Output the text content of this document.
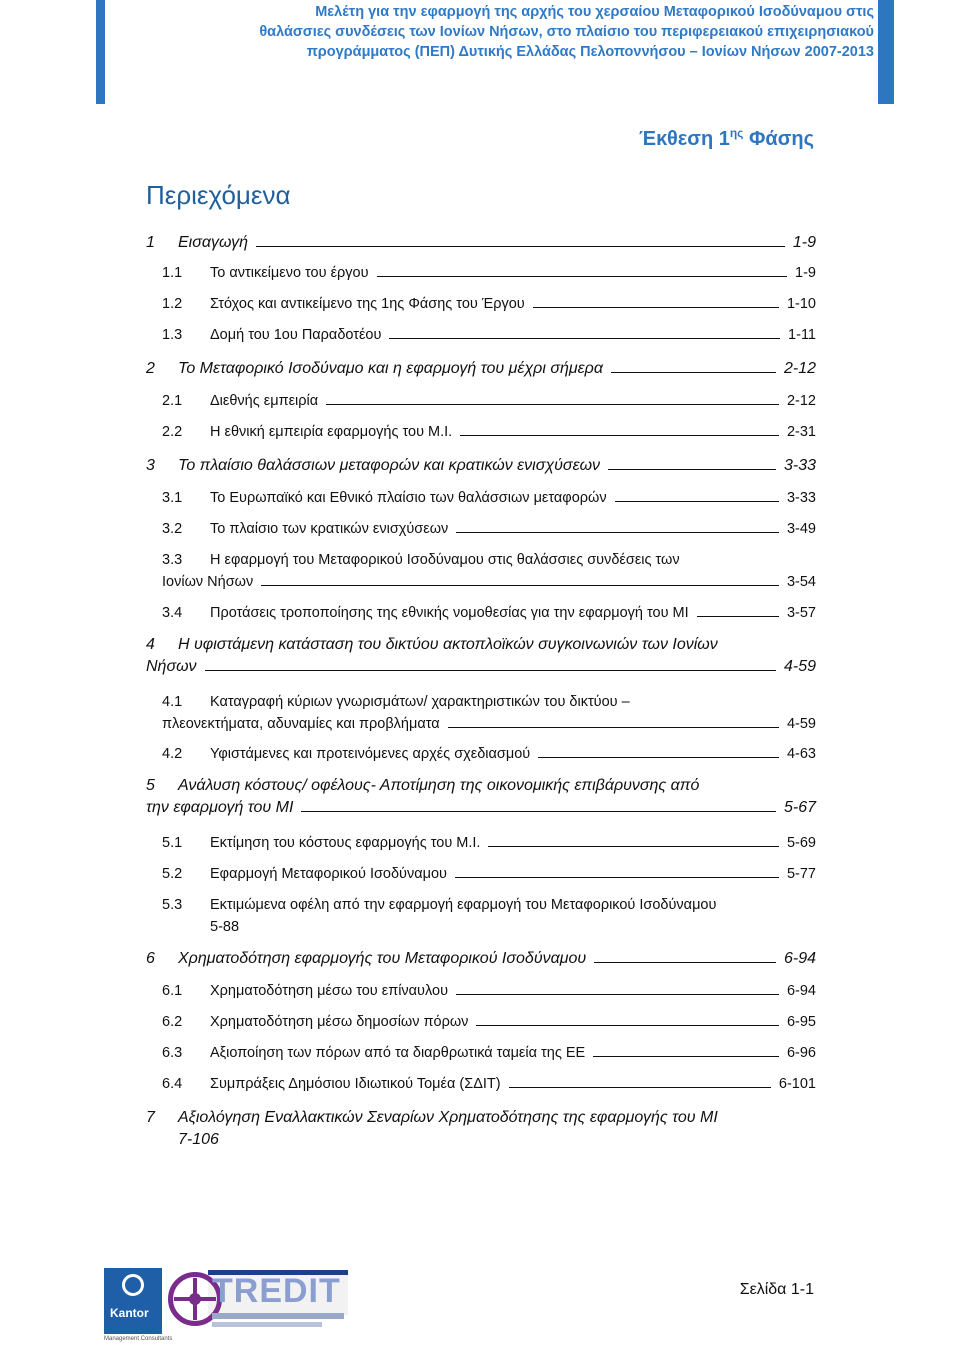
Μελέτη για την εφαρμογή της αρχής του χερσαίου Μεταφορικού Ισοδύναμου στις
θαλάσσιες συνδέσεις των Ιονίων Νήσων, στο πλαίσιο του περιφερειακού επιχειρησιακού
προγράμματος (ΠΕΠ) Δυτικής Ελλάδας Πελοποννήσου – Ιονίων Νήσων 2007-2013
Έκθεση $1^{\eta\varsigma}$ Φάσης
Περιεχόμενα
1	Εισαγωγή	1-9
1.1	Το αντικείμενο του έργου	1-9
1.2	Στόχος και αντικείμενο της 1ης Φάσης του Έργου	1-10
1.3	Δομή του 1ου Παραδοτέου	1-11
2	Το Μεταφορικό Ισοδύναμο και η εφαρμογή του μέχρι σήμερα	2-12
2.1	Διεθνής εμπειρία	2-12
2.2	Η εθνική εμπειρία εφαρμογής του Μ.Ι.	2-31
3	Το πλαίσιο θαλάσσιων μεταφορών και κρατικών ενισχύσεων	3-33
3.1	Το Ευρωπαϊκό και Εθνικό πλαίσιο των θαλάσσιων μεταφορών	3-33
3.2	Το πλαίσιο των κρατικών ενισχύσεων	3-49
3.3 Η εφαρμογή του Μεταφορικού Ισοδύναμου στις θαλάσσιες συνδέσεις των
Ιονίων Νήσων	3-54
3.4	Προτάσεις τροποποίησης της εθνικής νομοθεσίας για την εφαρμογή του ΜΙ	3-57
4 Η υφιστάμενη κατάσταση του δικτύου ακτοπλοϊκών συγκοινωνιών των Ιονίων
Νήσων	4-59
4.1 Καταγραφή κύριων γνωρισμάτων/ χαρακτηριστικών του δικτύου –
πλεονεκτήματα, αδυναμίες και προβλήματα	4-59
4.2	Υφιστάμενες και προτεινόμενες αρχές σχεδιασμού	4-63
5 Ανάλυση κόστους/ οφέλους- Αποτίμηση της οικονομικής επιβάρυνσης από
την εφαρμογή του ΜΙ	5-67
5.1	Εκτίμηση του κόστους εφαρμογής του Μ.Ι.	5-69
5.2	Εφαρμογή Μεταφορικού Ισοδύναμου	5-77
5.3 Εκτιμώμενα οφέλη από την εφαρμογή εφαρμογή του Μεταφορικού Ισοδύναμου
5-88
6	Χρηματοδότηση εφαρμογής του Μεταφορικού Ισοδύναμου	6-94
6.1	Χρηματοδότηση μέσω του επίναυλου	6-94
6.2	Χρηματοδότηση μέσω δημοσίων πόρων	6-95
6.3	Αξιοποίηση των πόρων από τα διαρθρωτικά ταμεία της ΕΕ	6-96
6.4	Συμπράξεις Δημόσιου Ιδιωτικού Τομέα (ΣΔΙΤ)	6-101
7 Αξιολόγηση Εναλλακτικών Σεναρίων Χρηματοδότησης της εφαρμογής του ΜΙ
7-106
Kantor
Management Consultants
TREDIT	Σελίδα 1-1
